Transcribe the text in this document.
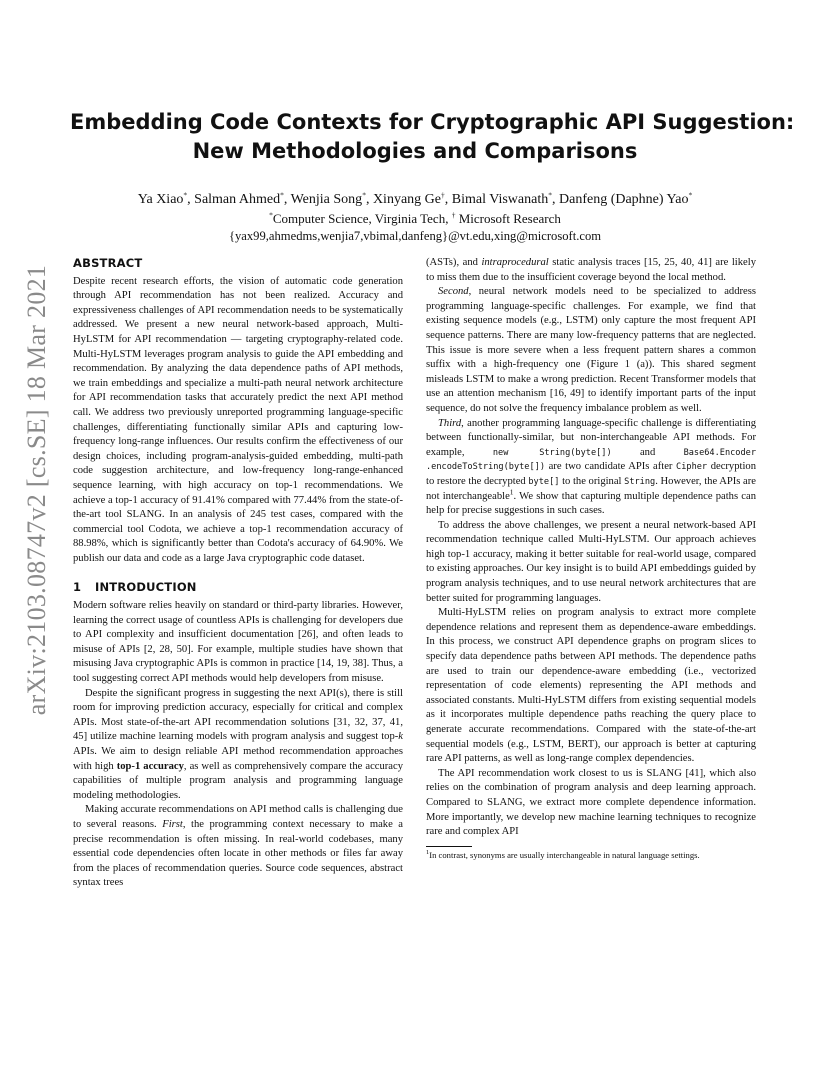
arXiv:2103.08747v2 [cs.SE] 18 Mar 2021
Embedding Code Contexts for Cryptographic API Suggestion:
New Methodologies and Comparisons
Ya Xiao*, Salman Ahmed*, Wenjia Song*, Xinyang Ge†, Bimal Viswanath*, Danfeng (Daphne) Yao*
*Computer Science, Virginia Tech, † Microsoft Research
{yax99,ahmedms,wenjia7,vbimal,danfeng}@vt.edu,xing@microsoft.com
ABSTRACT

Despite recent research efforts, the vision of automatic code generation through API recommendation has not been realized. Accuracy and expressiveness challenges of API recommendation needs to be systematically addressed. We present a new neural network-based approach, Multi-HyLSTM for API recommendation — targeting cryptography-related code. Multi-HyLSTM leverages program analysis to guide the API embedding and recommendation. By analyzing the data dependence paths of API methods, we train embeddings and specialize a multi-path neural network architecture for API recommendation tasks that accurately predict the next API method call. We address two previously unreported programming language-specific challenges, differentiating functionally similar APIs and capturing low-frequency long-range influences. Our results confirm the effectiveness of our design choices, including program-analysis-guided embedding, multi-path code suggestion architecture, and low-frequency long-range-enhanced sequence learning, with high accuracy on top-1 recommendations. We achieve a top-1 accuracy of 91.41% compared with 77.44% from the state-of-the-art tool SLANG. In an analysis of 245 test cases, compared with the commercial tool Codota, we achieve a top-1 recommendation accuracy of 88.98%, which is significantly better than Codota's accuracy of 64.90%. We publish our data and code as a large Java cryptographic code dataset.

1 INTRODUCTION

Modern software relies heavily on standard or third-party libraries. However, learning the correct usage of countless APIs is challenging for developers due to API complexity and insufficient documentation [26], and often leads to misuse of APIs [2, 28, 50]. For example, multiple studies have shown that misusing Java cryptographic APIs is common in practice [14, 19, 38]. Thus, a tool suggesting correct API methods would help developers from misuse.

Despite the significant progress in suggesting the next API(s), there is still room for improving prediction accuracy, especially for critical and complex APIs. Most state-of-the-art API recommendation solutions [31, 32, 37, 41, 45] utilize machine learning models with program analysis and suggest top-k APIs. We aim to design reliable API method recommendation approaches with high top-1 accuracy, as well as comprehensively compare the accuracy capabilities of multiple program analysis and programming language modeling methodologies.

Making accurate recommendations on API method calls is challenging due to several reasons. First, the programming context necessary to make a precise recommendation is often missing. In real-world codebases, many essential code dependencies often locate in other methods or files far away from the places of recommendation queries. Source code sequences, abstract syntax trees

(ASTs), and intraprocedural static analysis traces [15, 25, 40, 41] are likely to miss them due to the insufficient coverage beyond the local method.

Second, neural network models need to be specialized to address programming language-specific challenges. For example, we find that existing sequence models (e.g., LSTM) only capture the most frequent API sequence patterns. There are many low-frequency patterns that are neglected. This issue is more severe when a less frequent pattern shares a common suffix with a high-frequency one (Figure 1 (a)). This shared segment misleads LSTM to make a wrong prediction. Recent Transformer models that use an attention mechanism [16, 49] to identify important parts of the input sequence, do not solve the frequency imbalance problem as well.

Third, another programming language-specific challenge is differentiating between functionally-similar, but non-interchangeable API methods. For example, new String(byte[]) and Base64.Encoder .encodeToString(byte[]) are two candidate APIs after Cipher decryption to restore the decrypted byte[] to the original String. However, the APIs are not interchangeable$^1$. We show that capturing multiple dependence paths can help for precise suggestions in such cases.

To address the above challenges, we present a neural network-based API recommendation technique called Multi-HyLSTM. Our approach achieves high top-1 accuracy, making it better suitable for real-world usage, compared to existing approaches. Our key insight is to build API embeddings guided by program analysis techniques, and to use neural network architectures that are better suited for programming languages.

Multi-HyLSTM relies on program analysis to extract more complete dependence relations and represent them as dependence-aware embeddings. In this process, we construct API dependence graphs on program slices to specify data dependence paths between API methods. The dependence paths are used to train our dependence-aware embedding (i.e., vectorized representation of code elements) representing the API methods and associated constants. Multi-HyLSTM differs from existing sequential models as it incorporates multiple dependence paths reaching the query place to generate accurate recommendations. Compared with the state-of-the-art sequential models (e.g., LSTM, BERT), our approach is better at capturing rare API patterns, as well as long-range complex dependencies.

The API recommendation work closest to us is SLANG [41], which also relies on the combination of program analysis and deep learning approach. Compared to SLANG, we extract more complete dependence information. More importantly, we develop new machine learning techniques to recognize rare and complex API

$^1$In contrast, synonyms are usually interchangeable in natural language settings.
